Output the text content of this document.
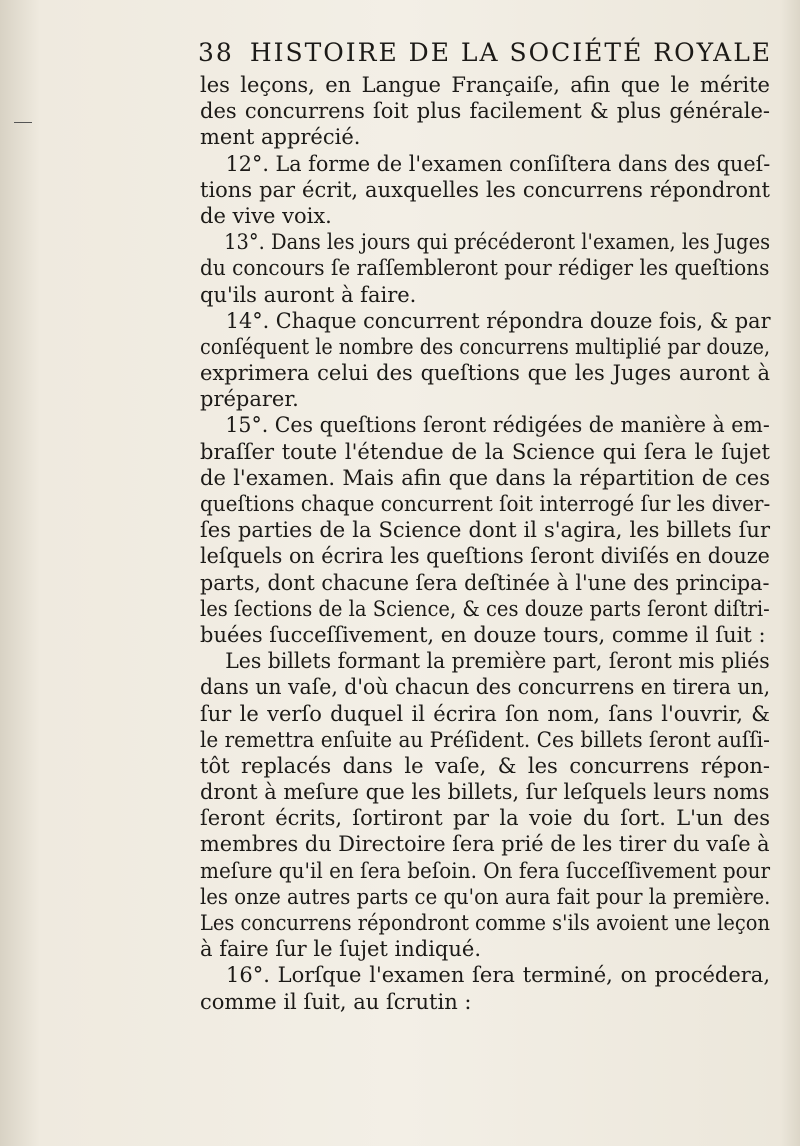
38 HISTOIRE DE LA SOCIÉTÉ ROYALE
les leçons, en Langue Françaiſe, afin que le mérite
des concurrens ſoit plus facilement & plus générale-
ment apprécié.
12°. La forme de l'examen conſiſtera dans des queſ-
tions par écrit, auxquelles les concurrens répondront
de vive voix.
13°. Dans les jours qui précéderont l'examen, les Juges
du concours ſe raſſembleront pour rédiger les queſtions
qu'ils auront à faire.
14°. Chaque concurrent répondra douze fois, & par
conſéquent le nombre des concurrens multiplié par douze,
exprimera celui des queſtions que les Juges auront à
préparer.
15°. Ces queſtions ſeront rédigées de manière à em-
braſſer toute l'étendue de la Science qui ſera le ſujet
de l'examen. Mais afin que dans la répartition de ces
queſtions chaque concurrent ſoit interrogé ſur les diver-
ſes parties de la Science dont il s'agira, les billets ſur
leſquels on écrira les queſtions ſeront diviſés en douze
parts, dont chacune ſera deſtinée à l'une des principa-
les ſections de la Science, & ces douze parts ſeront diſtri-
buées ſucceſſivement, en douze tours, comme il ſuit :
Les billets formant la première part, ſeront mis pliés
dans un vaſe, d'où chacun des concurrens en tirera un,
ſur le verſo duquel il écrira ſon nom, ſans l'ouvrir, &
le remettra enſuite au Préſident. Ces billets ſeront auſſi-
tôt replacés dans le vaſe, & les concurrens répon-
dront à meſure que les billets, ſur leſquels leurs noms
ſeront écrits, ſortiront par la voie du ſort. L'un des
membres du Directoire ſera prié de les tirer du vaſe à
meſure qu'il en ſera beſoin. On fera ſucceſſivement pour
les onze autres parts ce qu'on aura fait pour la première.
Les concurrens répondront comme s'ils avoient une leçon
à faire ſur le ſujet indiqué.
16°. Lorſque l'examen ſera terminé, on procédera,
comme il ſuit, au ſcrutin :
